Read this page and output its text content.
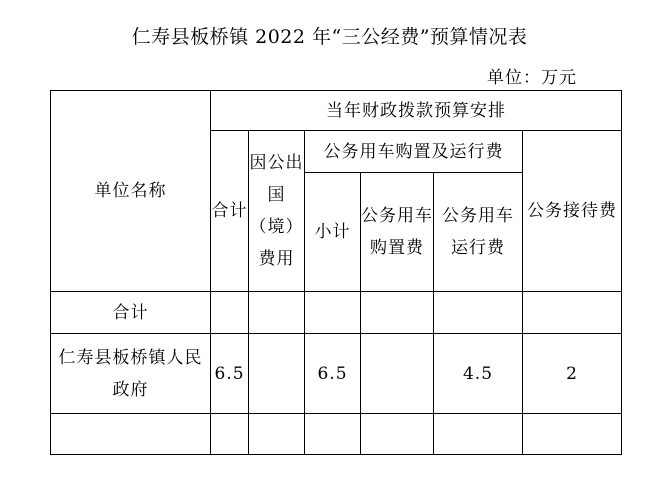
仁寿县板桥镇 2022 年“三公经费”预算情况表
单位：万元
单位名称	当年财政拨款预算安排					
	合计	因公出国（境）费用	公务用车购置及运行费			公务接待费
			小计	公务用车购置费	公务用车运行费	
合计						
仁寿县板桥镇人民政府	6.5		6.5		4.5	2
